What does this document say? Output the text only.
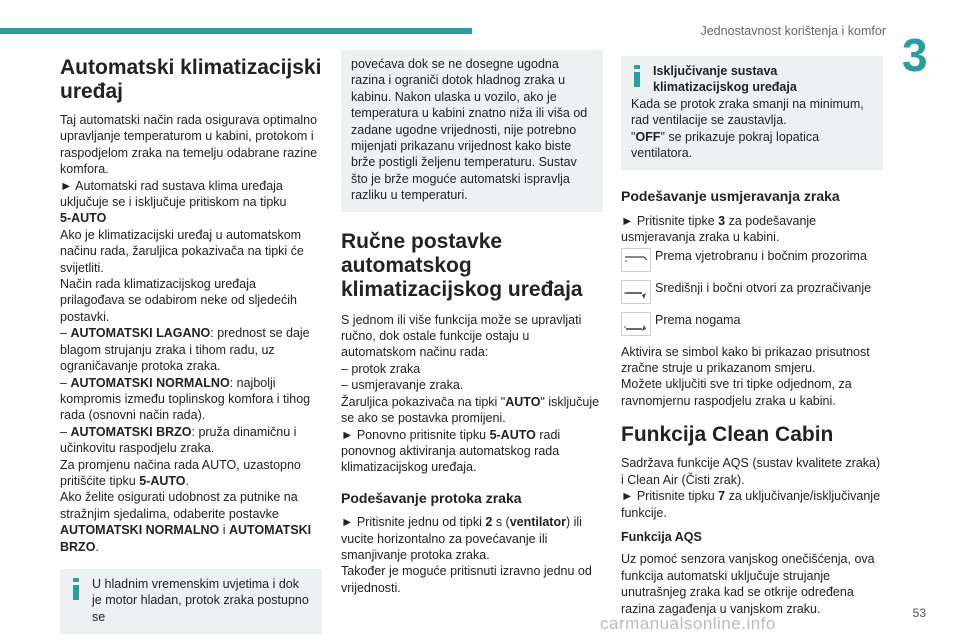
Jednostavnost korištenja i komfor 3
Automatski klimatizacijski uređaj

Taj automatski način rada osigurava optimalno upravljanje temperaturom u kabini, protokom i raspodjelom zraka na temelju odabrane razine komfora.

► Automatski rad sustava klima uređaja uključuje se i isključuje pritiskom na tipku
5-AUTO

Ako je klimatizacijski uređaj u automatskom načinu rada, žaruljica pokazivača na tipki će svijetliti.

Način rada klimatizacijskog uređaja prilagođava se odabirom neke od sljedećih postavki.

– AUTOMATSKI LAGANO: prednost se daje blagom strujanju zraka i tihom radu, uz ograničavanje protoka zraka.

– AUTOMATSKI NORMALNO: najbolji kompromis između toplinskog komfora i tihog rada (osnovni način rada).

– AUTOMATSKI BRZO: pruža dinamičnu i učinkovitu raspodjelu zraka.

Za promjenu načina rada AUTO, uzastopno pritišćite tipku 5-AUTO.

Ako želite osigurati udobnost za putnike na stražnjim sjedalima, odaberite postavke AUTOMATSKI NORMALNO i AUTOMATSKI BRZO.

U hladnim vremenskim uvjetima i dok je motor hladan, protok zraka postupno se
povećava dok se ne dosegne ugodna razina i ograniči dotok hladnog zraka u kabinu. Nakon ulaska u vozilo, ako je temperatura u kabini znatno niža ili viša od zadane ugodne vrijednosti, nije potrebno mijenjati prikazanu vrijednost kako biste brže postigli željenu temperaturu. Sustav što je brže moguće automatski ispravlja razliku u temperaturi.
Ručne postavke automatskog klimatizacijskog uređaja

S jednom ili više funkcija može se upravljati ručno, dok ostale funkcije ostaju u automatskom načinu rada:

– protok zraka

– usmjeravanje zraka.

Žaruljica pokazivača na tipki "AUTO" isključuje se ako se postavka promijeni.

► Ponovno pritisnite tipku 5-AUTO radi ponovnog aktiviranja automatskog rada klimatizacijskog uređaja.

Podešavanje protoka zraka

► Pritisnite jednu od tipki 2 s (ventilator) ili vucite horizontalno za povećavanje ili smanjivanje protoka zraka.

Također je moguće pritisnuti izravno jednu od vrijednosti.

Isključivanje sustava klimatizacijskog uređaja
Kada se protok zraka smanji na minimum, rad ventilacije se zaustavlja.
"OFF" se prikazuje pokraj lopatica ventilatora.
Podešavanje usmjeravanja zraka

► Pritisnite tipke 3 za podešavanje usmjeravanja zraka u kabini.

Prema vjetrobranu i bočnim prozorima
Središnji i bočni otvori za prozračivanje
Prema nogama

Aktivira se simbol kako bi prikazao prisutnost zračne struje u prikazanom smjeru.

Možete uključiti sve tri tipke odjednom, za ravnomjernu raspodjelu zraka u kabini.

Funkcija Clean Cabin

Sadržava funkcije AQS (sustav kvalitete zraka) i Clean Air (Čisti zrak).

► Pritisnite tipku 7 za uključivanje/isključivanje funkcije.

Funkcija AQS

Uz pomoć senzora vanjskog onečišćenja, ova funkcija automatski uključuje strujanje unutrašnjeg zraka kad se otkrije određena razina zagađenja u vanjskom zraku.

carmanualsonline.info
53
